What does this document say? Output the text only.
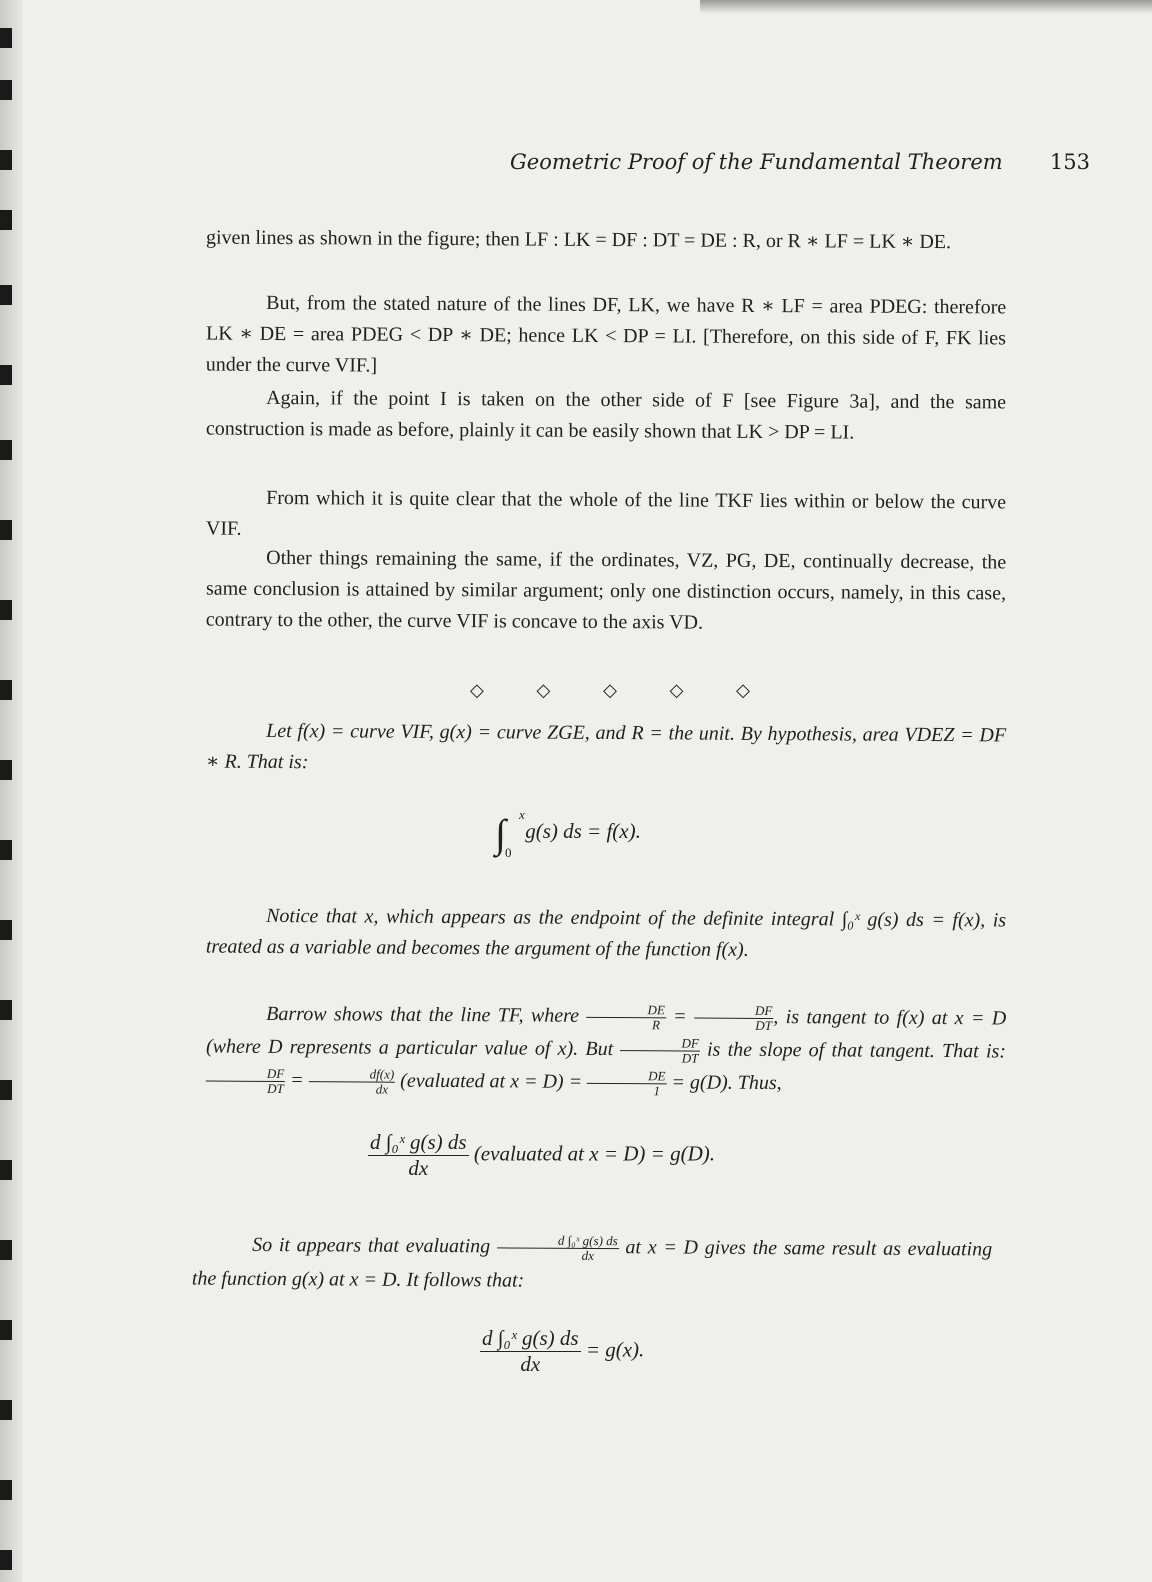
Geometric Proof of the Fundamental Theorem 153
given lines as shown in the figure; then LF : LK = DF : DT = DE : R, or R ∗ LF = LK ∗ DE.
But, from the stated nature of the lines DF, LK, we have R ∗ LF = area PDEG: therefore LK ∗ DE = area PDEG < DP ∗ DE; hence LK < DP = LI. [Therefore, on this side of F, FK lies under the curve VIF.]
Again, if the point I is taken on the other side of F [see Figure 3a], and the same construction is made as before, plainly it can be easily shown that LK > DP = LI.
From which it is quite clear that the whole of the line TKF lies within or below the curve VIF.
Other things remaining the same, if the ordinates, VZ, PG, DE, continually decrease, the same conclusion is attained by similar argument; only one distinction occurs, namely, in this case, contrary to the other, the curve VIF is concave to the axis VD.
◇	◇	◇	◇	◇
Let f(x) = curve VIF, g(x) = curve ZGE, and R = the unit. By hypothesis, area VDEZ = DF ∗ R. That is:
∫ x
0
g(s) ds = f(x).
Notice that x, which appears as the endpoint of the definite integral ∫₀ˣ g(s) ds = f(x), is treated as a variable and becomes the argument of the function f(x).
Barrow shows that the line TF, where $\frac{DE}{R} = \frac{DF}{DT}$ , is tangent to f(x) at x = D (where D represents a particular value of x). But $\frac{DF}{DT}$ is the slope of that tangent. That is:
$\frac{DF}{DT} = \frac{df(x)}{dx}$ (evaluated at $x = D) = \frac{DE}{1} = g(D)$. Thus,
$\frac{\text{d ∫₀ˣ g(s) ds}}{dx}$ (evaluated at x = D) = g(D).
So it appears that evaluating $\frac{\text{d ∫₀ˣ g(s) ds}}{dx}$ at x = D gives the same result as evaluating the function g(x) at x = D. It follows that:
$\frac{\text{d ∫₀ˣ g(s) ds}}{dx} = g(x)$.
